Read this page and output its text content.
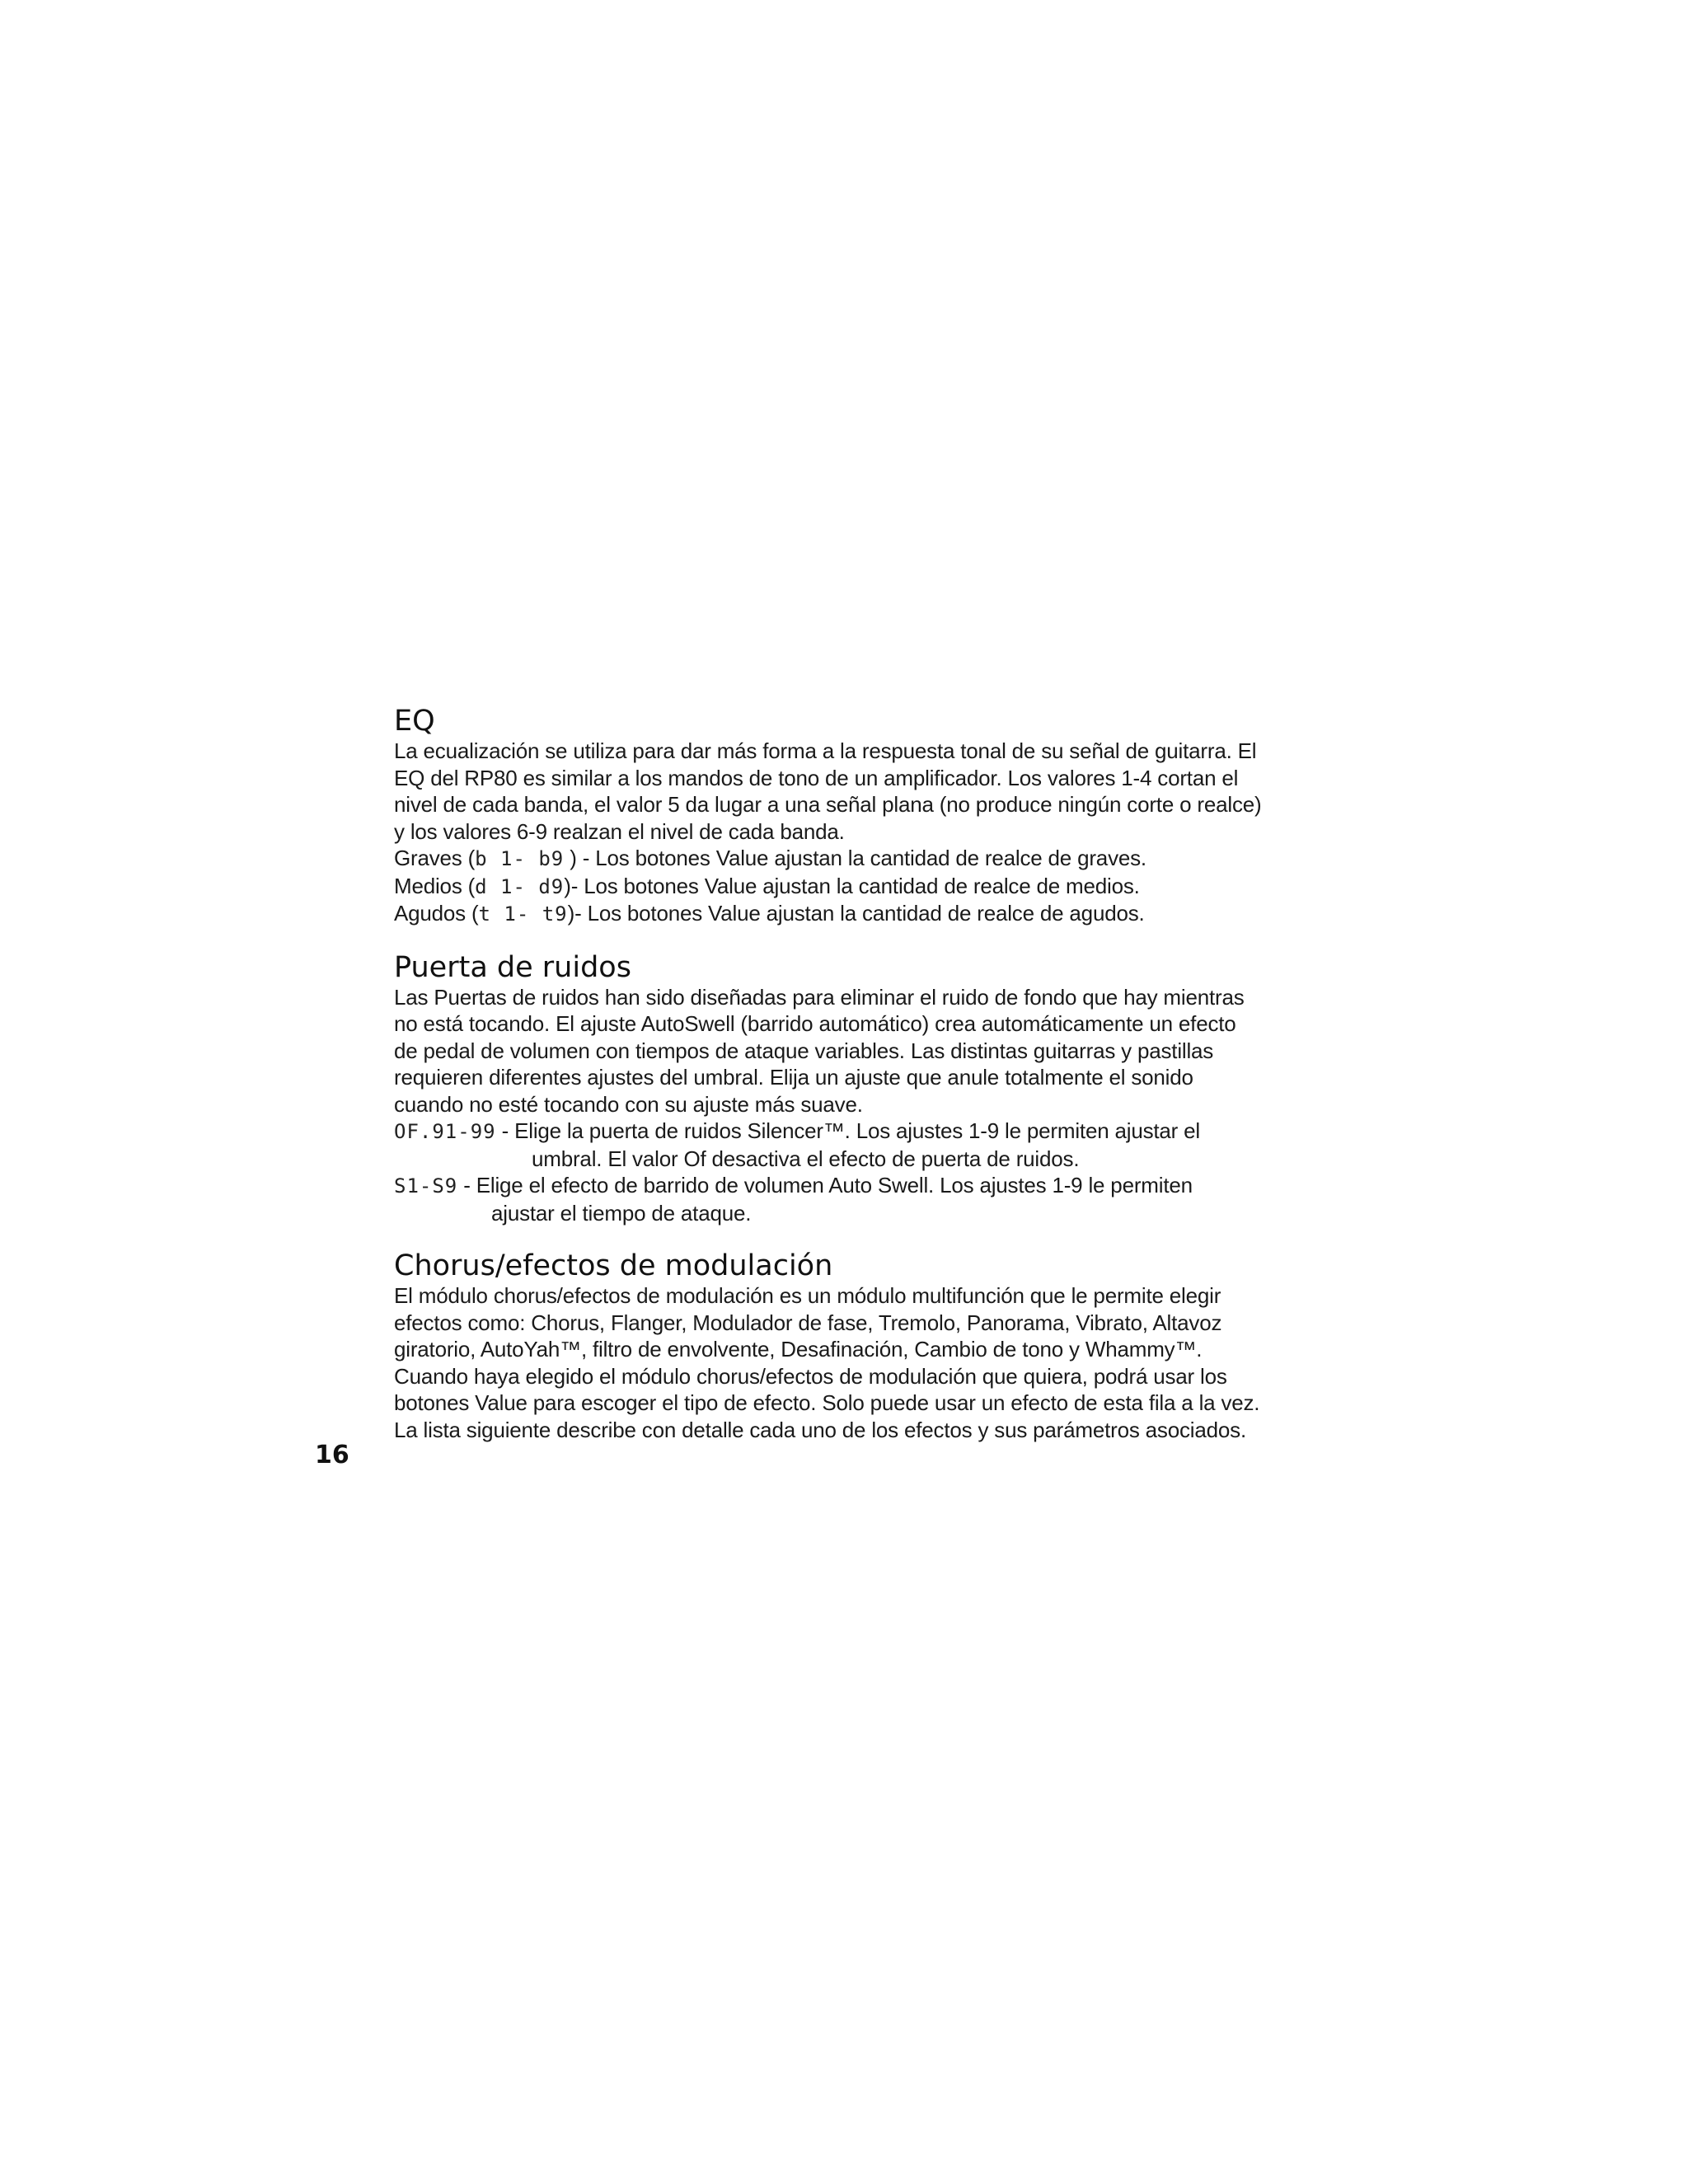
EQ

La ecualización se utiliza para dar más forma a la respuesta tonal de su señal de guitarra. El

EQ del RP80 es similar a los mandos de tono de un amplificador. Los valores 1-4 cortan el

nivel de cada banda, el valor 5 da lugar a una señal plana (no produce ningún corte o realce)

y los valores 6-9 realzan el nivel de cada banda.

Graves (b 1- b9 ) - Los botones Value ajustan la cantidad de realce de graves.
Medios (d 1- d9)- Los botones Value ajustan la cantidad de realce de medios.
Agudos (t 1- t9)- Los botones Value ajustan la cantidad de realce de agudos.
Puerta de ruidos

Las Puertas de ruidos han sido diseñadas para eliminar el ruido de fondo que hay mientras

no está tocando. El ajuste AutoSwell (barrido automático) crea automáticamente un efecto

de pedal de volumen con tiempos de ataque variables. Las distintas guitarras y pastillas

requieren diferentes ajustes del umbral. Elija un ajuste que anule totalmente el sonido

cuando no esté tocando con su ajuste más suave.

OF.91-99 - Elige la puerta de ruidos Silencer™. Los ajustes 1-9 le permiten ajustar el
umbral. El valor Of desactiva el efecto de puerta de ruidos.
S1-S9 - Elige el efecto de barrido de volumen Auto Swell. Los ajustes 1-9 le permiten
ajustar el tiempo de ataque.
Chorus/efectos de modulación

El módulo chorus/efectos de modulación es un módulo multifunción que le permite elegir

efectos como: Chorus, Flanger, Modulador de fase, Tremolo, Panorama, Vibrato, Altavoz

giratorio, AutoYah™, filtro de envolvente, Desafinación, Cambio de tono y Whammy™.

Cuando haya elegido el módulo chorus/efectos de modulación que quiera, podrá usar los

botones Value para escoger el tipo de efecto. Solo puede usar un efecto de esta fila a la vez.

La lista siguiente describe con detalle cada uno de los efectos y sus parámetros asociados.

16
